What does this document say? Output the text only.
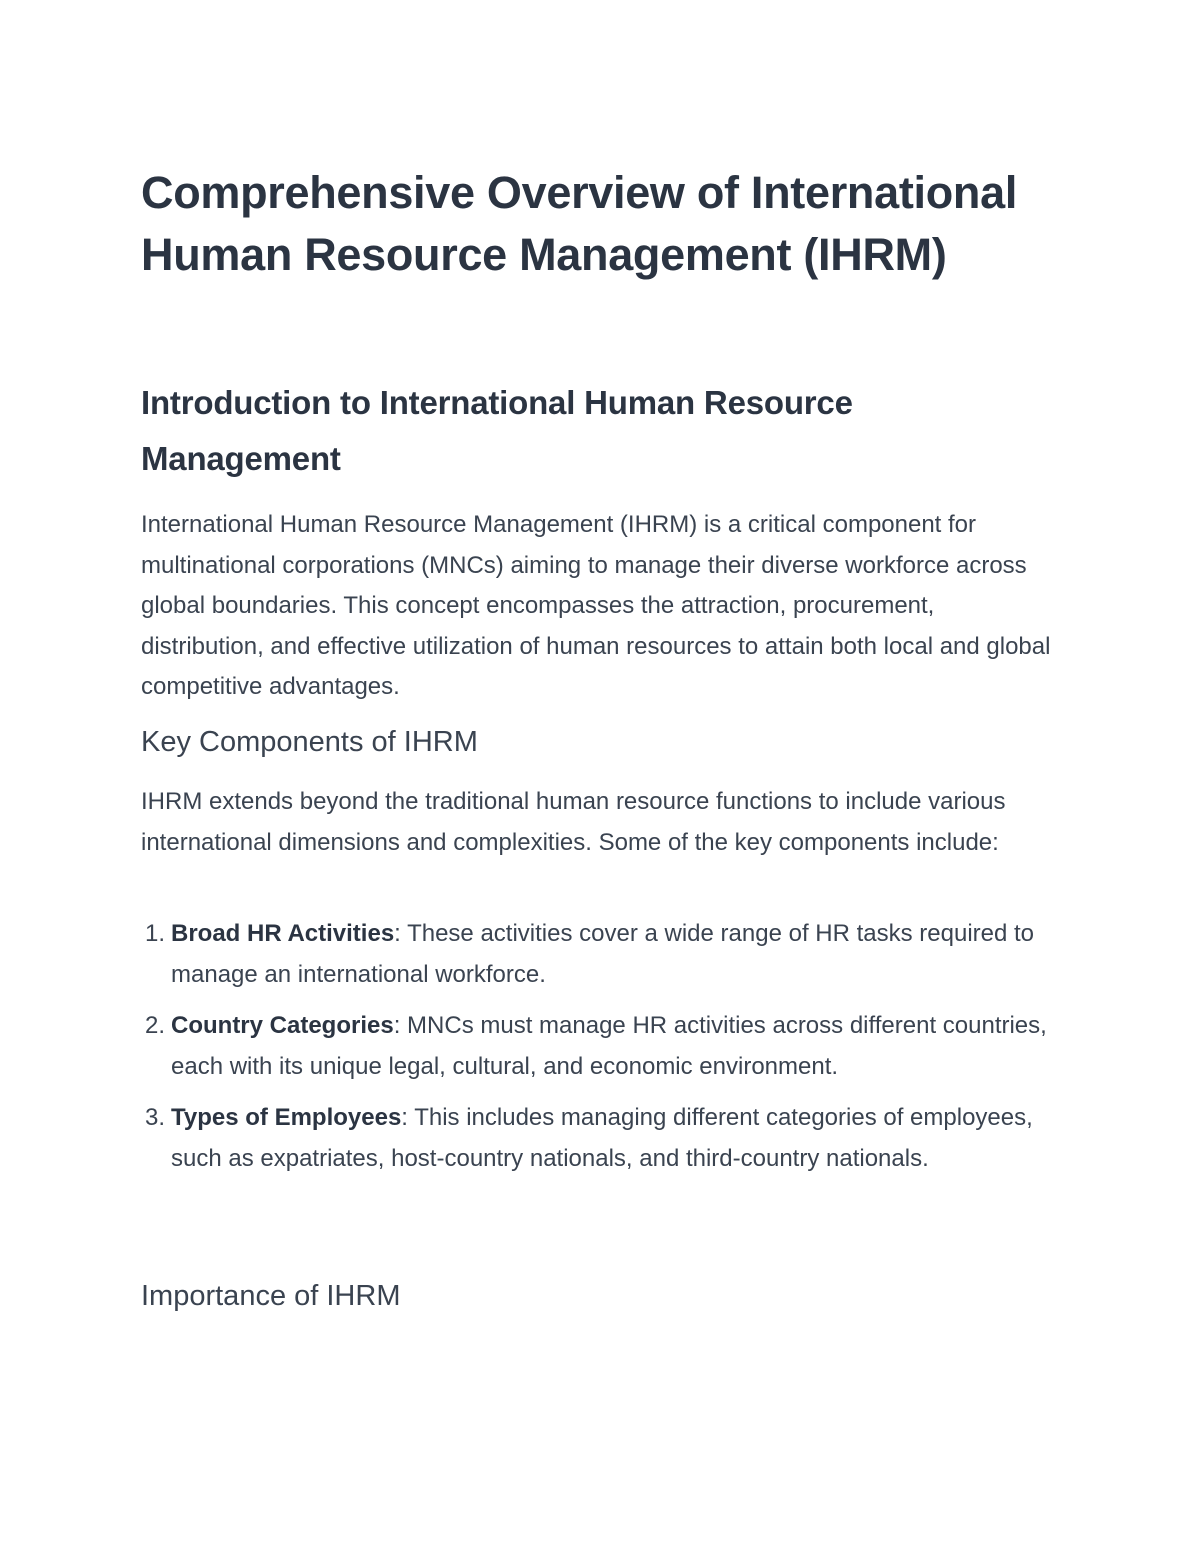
Comprehensive Overview of International Human Resource Management (IHRM)
Introduction to International Human Resource Management

International Human Resource Management (IHRM) is a critical component for multinational corporations (MNCs) aiming to manage their diverse workforce across global boundaries. This concept encompasses the attraction, procurement, distribution, and effective utilization of human resources to attain both local and global competitive advantages.

Key Components of IHRM

IHRM extends beyond the traditional human resource functions to include various international dimensions and complexities. Some of the key components include:

1. Broad HR Activities: These activities cover a wide range of HR tasks required to manage an international workforce.
2. Country Categories: MNCs must manage HR activities across different countries, each with its unique legal, cultural, and economic environment.
3. Types of Employees: This includes managing different categories of employees, such as expatriates, host-country nationals, and third-country nationals.
Importance of IHRM
